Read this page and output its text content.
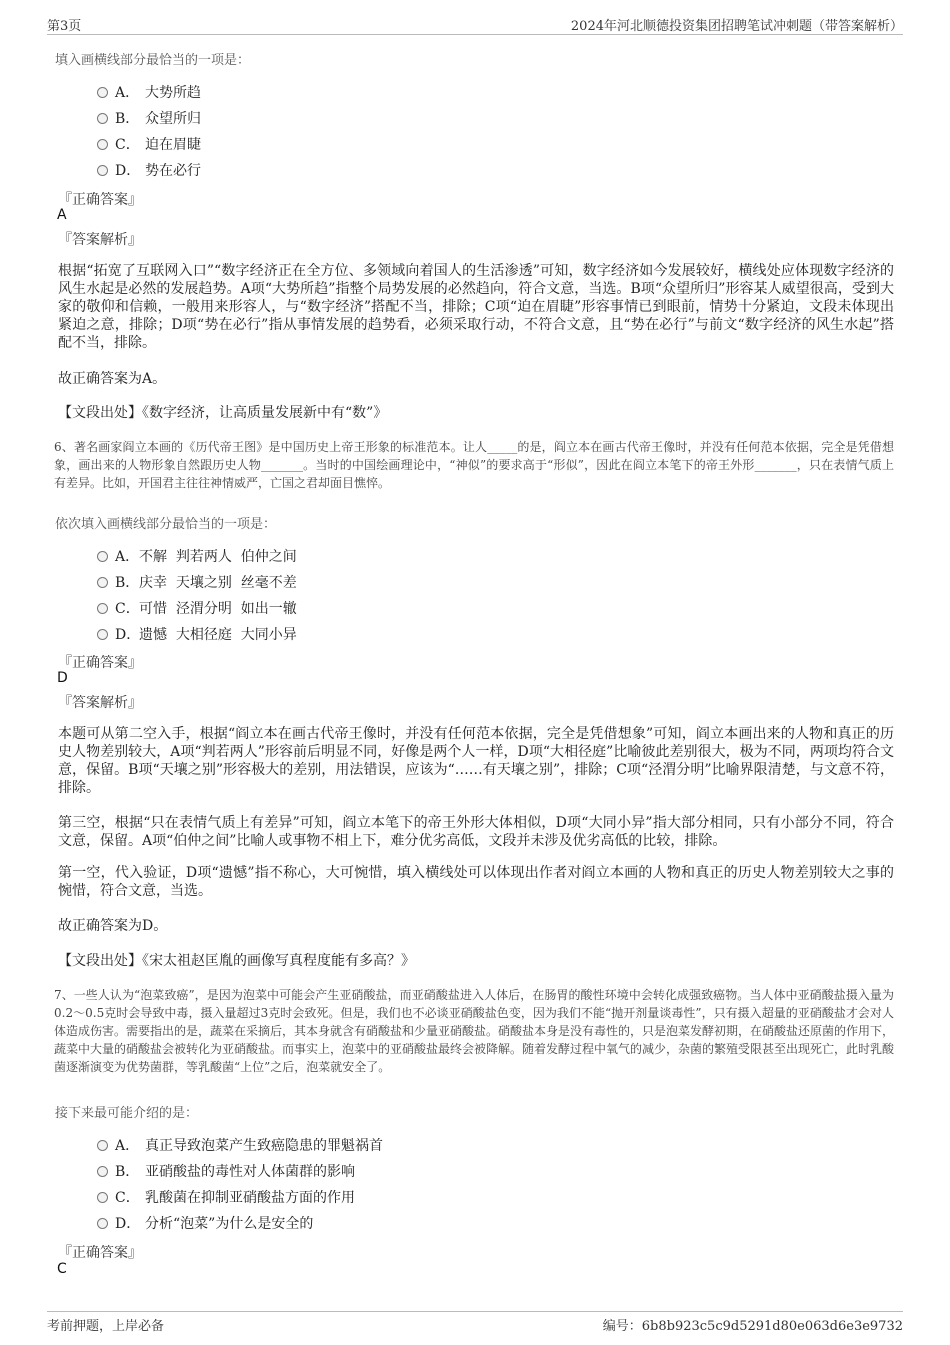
第3页	2024年河北顺德投资集团招聘笔试冲刺题（带答案解析）
填入画横线部分最恰当的一项是：
A． 大势所趋
B． 众望所归
C． 迫在眉睫
D． 势在必行
『正确答案』
A
『答案解析』
根据“拓宽了互联网入口”“数字经济正在全方位、多领域向着国人的生活渗透”可知，数字经济如今发展较好，横线处应体现数字经济的风生水起是必然的发展趋势。A项“大势所趋”指整个局势发展的必然趋向，符合文意，当选。B项“众望所归”形容某人威望很高，受到大家的敬仰和信赖，一般用来形容人，与“数字经济”搭配不当，排除；C项“迫在眉睫”形容事情已到眼前，情势十分紧迫，文段未体现出紧迫之意，排除；D项“势在必行”指从事情发展的趋势看，必须采取行动，不符合文意，且“势在必行”与前文“数字经济的风生水起”搭配不当，排除。
故正确答案为A。
【文段出处】《数字经济，让高质量发展新中有“数”》
6、著名画家阎立本画的《历代帝王图》是中国历史上帝王形象的标准范本。让人_____的是，阎立本在画古代帝王像时，并没有任何范本依据，完全是凭借想象，画出来的人物形象自然跟历史人物_______。当时的中国绘画理论中，“神似”的要求高于“形似”，因此在阎立本笔下的帝王外形_______，只在表情气质上有差异。比如，开国君主往往神情威严，亡国之君却面目憔悴。
依次填入画横线部分最恰当的一项是：
A．不解  判若两人  伯仲之间
B．庆幸  天壤之别  丝毫不差
C．可惜  泾渭分明  如出一辙
D．遗憾  大相径庭  大同小异
『正确答案』
D
『答案解析』
本题可从第二空入手，根据“阎立本在画古代帝王像时，并没有任何范本依据，完全是凭借想象”可知，阎立本画出来的人物和真正的历史人物差别较大，A项“判若两人”形容前后明显不同，好像是两个人一样，D项“大相径庭”比喻彼此差别很大，极为不同，两项均符合文意，保留。B项“天壤之别”形容极大的差别，用法错误，应该为“……有天壤之别”，排除；C项“泾渭分明”比喻界限清楚，与文意不符，排除。
第三空，根据“只在表情气质上有差异”可知，阎立本笔下的帝王外形大体相似，D项“大同小异”指大部分相同，只有小部分不同，符合文意，保留。A项“伯仲之间”比喻人或事物不相上下，难分优劣高低，文段并未涉及优劣高低的比较，排除。
第一空，代入验证，D项“遗憾”指不称心，大可惋惜，填入横线处可以体现出作者对阎立本画的人物和真正的历史人物差别较大之事的惋惜，符合文意，当选。
故正确答案为D。
【文段出处】《宋太祖赵匡胤的画像写真程度能有多高？》
7、一些人认为“泡菜致癌”，是因为泡菜中可能会产生亚硝酸盐，而亚硝酸盐进入人体后，在肠胃的酸性环境中会转化成强致癌物。当人体中亚硝酸盐摄入量为0.2～0.5克时会导致中毒，摄入量超过3克时会致死。但是，我们也不必谈亚硝酸盐色变，因为我们不能“抛开剂量谈毒性”，只有摄入超量的亚硝酸盐才会对人体造成伤害。需要指出的是，蔬菜在采摘后，其本身就含有硝酸盐和少量亚硝酸盐。硝酸盐本身是没有毒性的，只是泡菜发酵初期，在硝酸盐还原菌的作用下，蔬菜中大量的硝酸盐会被转化为亚硝酸盐。而事实上，泡菜中的亚硝酸盐最终会被降解。随着发酵过程中氧气的减少，杂菌的繁殖受限甚至出现死亡，此时乳酸菌逐渐演变为优势菌群，等乳酸菌“上位”之后，泡菜就安全了。
接下来最可能介绍的是：
A． 真正导致泡菜产生致癌隐患的罪魁祸首
B． 亚硝酸盐的毒性对人体菌群的影响
C． 乳酸菌在抑制亚硝酸盐方面的作用
D． 分析“泡菜”为什么是安全的
『正确答案』
C
考前押题，上岸必备	编号：6b8b923c5c9d5291d80e063d6e3e9732
